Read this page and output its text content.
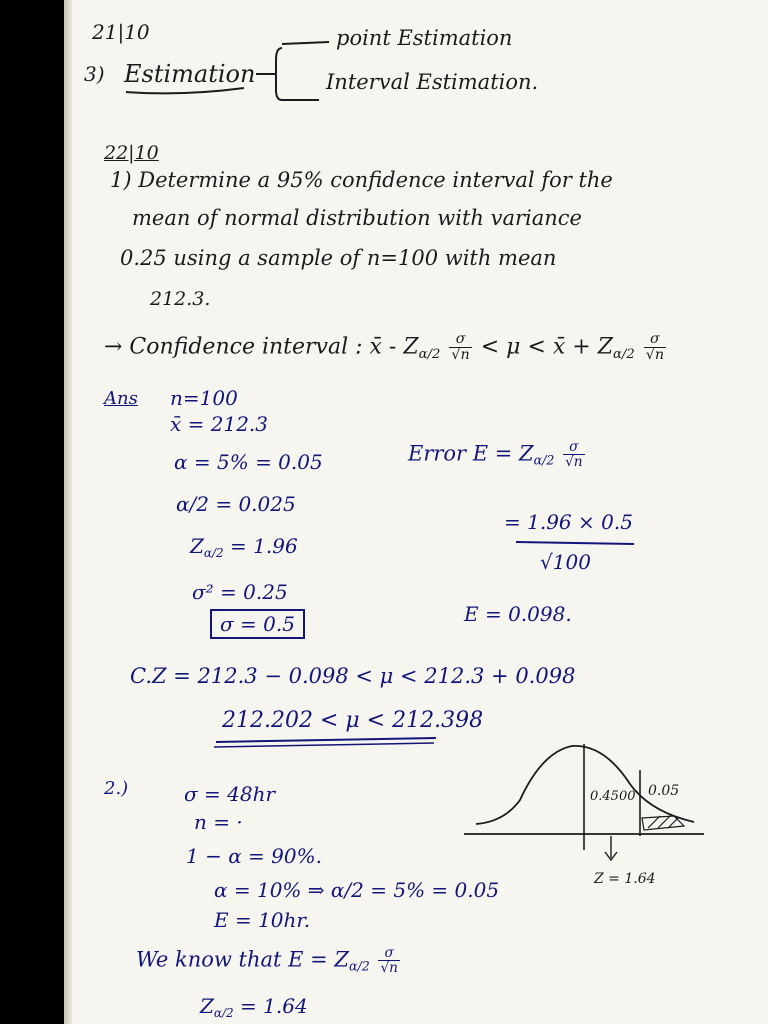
21|10
3) Estimation
point Estimation
Interval Estimation.
22|10
1) Determine a 95% confidence interval for the
mean of normal distribution with variance
0.25 using a sample of n=100 with mean
212.3.
→ Confidence interval : x̄ - $Z_{\alpha/2} \frac{\sigma}{√n} < \mu$ < x̄ + $Z_{\alpha/2} \frac{\sigma}{√n}$
Ans n=100
x̄ = 212.3
α = 5% = 0.05
α/2 = 0.025
$Z_{\alpha/2} = 1.96$
σ² = 0.25
σ = 0.5
Error $E = Z_{\alpha/2} \frac{\sigma}{√n}$
= 1.96 × 0.5
√100
E = 0.098.
C.Z = 212.3 − 0.098 < μ < 212.3 + 0.098
212.202 < μ < 212.398
2.)	σ = 48hr
n = ·
1 − α = 90%.
α = 10% ⇒ α/2 = 5% = 0.05
E = 10hr.
We know that $E = Z_{\alpha/2} \frac{\sigma}{√n}$
$Z_{\alpha/2} = 1.64$
0.4500 0.05
Z = 1.64
